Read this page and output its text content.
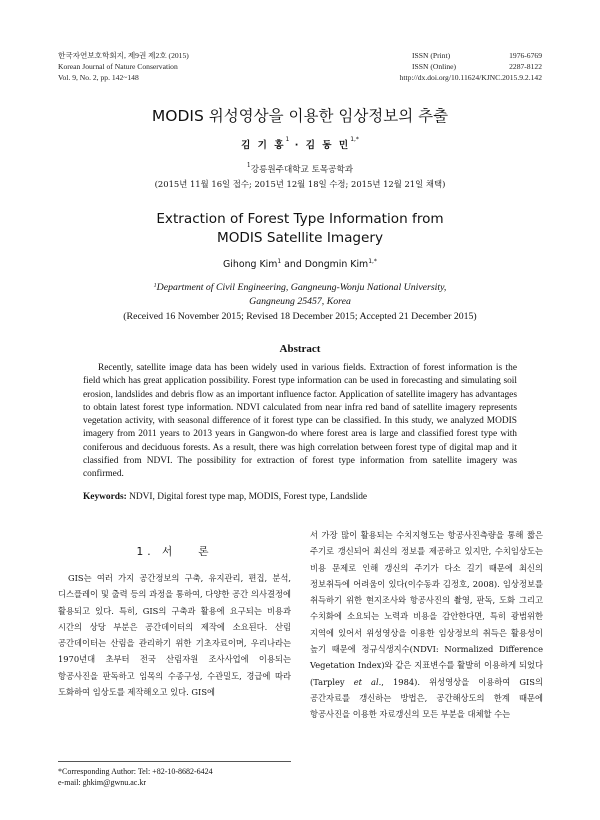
한국자연보호학회지, 제9권 제2호 (2015)
Korean Journal of Nature Conservation
Vol. 9, No. 2, pp. 142~148
ISSN (Print)	1976-6769
ISSN (Online)	2287-8122
http://dx.doi.org/10.11624/KJNC.2015.9.2.142
MODIS 위성영상을 이용한 임상정보의 추출
김 기 홍$^1$ · 김 동 민$^{1,*}$
$^1$강릉원주대학교 토목공학과
(2015년 11월 16일 접수; 2015년 12월 18일 수정; 2015년 12월 21일 채택)
Extraction of Forest Type Information from
MODIS Satellite Imagery
Gihong Kim$^1$ and Dongmin Kim$^{1,*}$
$^1$Department of Civil Engineering, Gangneung-Wonju National University,
Gangneung 25457, Korea
(Received 16 November 2015; Revised 18 December 2015; Accepted 21 December 2015)
Abstract

Recently, satellite image data has been widely used in various fields. Extraction of forest information is the field which has great application possibility. Forest type information can be used in forecasting and simulating soil erosion, landslides and debris flow as an important influence factor. Application of satellite imagery has advantages to obtain latest forest type information. NDVI calculated from near infra red band of satellite imagery represents vegetation activity, with seasonal difference of it forest type can be classified. In this study, we analyzed MODIS imagery from 2011 years to 2013 years in Gangwon-do where forest area is large and classified forest type with coniferous and deciduous forests. As a result, there was high correlation between forest type of digital map and it classified from NDVI. The possibility for extraction of forest type information from satellite imagery was confirmed.

Keywords: NDVI, Digital forest type map, MODIS, Forest type, Landslide
1. 서　 론

GIS는 여러 가지 공간정보의 구축, 유지관리, 편집, 분석, 디스플레이 및 출력 등의 과정을 통하여, 다양한 공간 의사결정에 활용되고 있다. 특히, GIS의 구축과 활용에 요구되는 비용과 시간의 상당 부분은 공간데이터의 제작에 소요된다. 산림 공간데이터는 산림을 관리하기 위한 기초자료이며, 우리나라는 1970년대 초부터 전국 산림자원 조사사업에 이용되는 항공사진을 판독하고 임목의 수종구성, 수관밀도, 경급에 따라 도화하여 임상도를 제작해오고 있다. GIS에

서 가장 많이 활용되는 수치지형도는 항공사진측량을 통해 짧은 주기로 갱신되어 최신의 정보를 제공하고 있지만, 수치임상도는 비용 문제로 인해 갱신의 주기가 다소 길기 때문에 최신의 정보취득에 어려움이 있다(이수동과 김정호, 2008). 임상정보를 취득하기 위한 현지조사와 항공사진의 촬영, 판독, 도화 그리고 수치화에 소요되는 노력과 비용을 감안한다면, 특히 광범위한 지역에 있어서 위성영상을 이용한 임상정보의 취득은 활용성이 높기 때문에 정규식생지수(NDVI: Normalized Difference Vegetation Index)와 같은 지표변수를 활발히 이용하게 되었다(Tarpley et al., 1984). 위성영상을 이용하여 GIS의 공간자료를 갱신하는 방법은, 공간해상도의 한계 때문에 항공사진을 이용한 자료갱신의 모든 부분을 대체할 수는

*Corresponding Author: Tel: +82-10-8682-6424
e-mail: ghkim@gwnu.ac.kr
